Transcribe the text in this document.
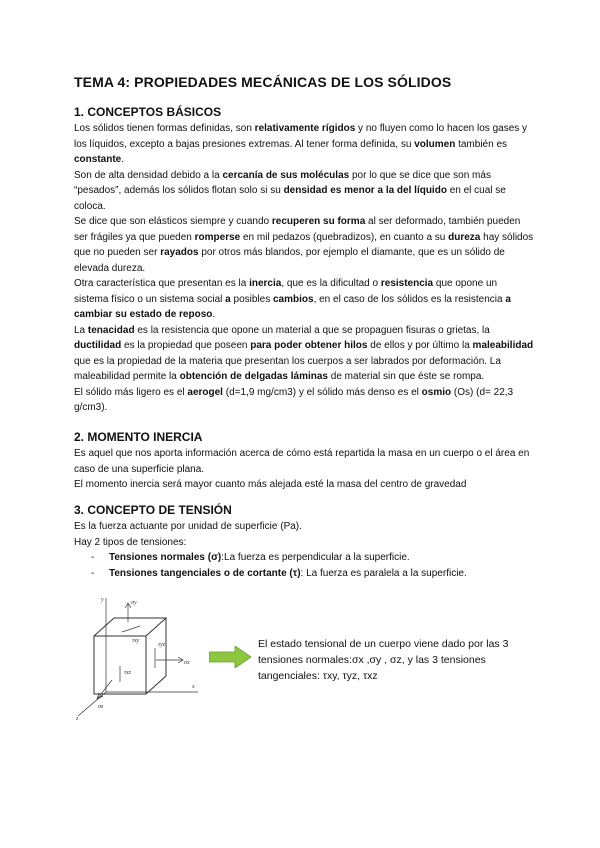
TEMA 4: PROPIEDADES MECÁNICAS DE LOS SÓLIDOS
1. CONCEPTOS BÁSICOS

Los sólidos tienen formas definidas, son relativamente rígidos y no fluyen como lo hacen los gases y los líquidos, excepto a bajas presiones extremas. Al tener forma definida, su volumen también es constante.

Son de alta densidad debido a la cercanía de sus moléculas por lo que se dice que son más “pesados”, además los sólidos flotan solo si su densidad es menor a la del líquido en el cual se coloca.

Se dice que son elásticos siempre y cuando recuperen su forma al ser deformado, también pueden ser frágiles ya que pueden romperse en mil pedazos (quebradizos), en cuanto a su dureza hay sólidos que no pueden ser rayados por otros más blandos, por ejemplo el diamante, que es un sólido de elevada dureza.

Otra característica que presentan es la inercia, que es la dificultad o resistencia que opone un sistema físico o un sistema social a posibles cambios, en el caso de los sólidos es la resistencia a cambiar su estado de reposo.

La tenacidad es la resistencia que opone un material a que se propaguen fisuras o grietas, la ductilidad es la propiedad que poseen para poder obtener hilos de ellos y por último la maleabilidad que es la propiedad de la materia que presentan los cuerpos a ser labrados por deformación. La maleabilidad permite la obtención de delgadas láminas de material sin que éste se rompa.

El sólido más ligero es el aerogel (d=1,9 mg/cm3) y el sólido más denso es el osmio (Os) (d= 22,3 g/cm3).

2. MOMENTO INERCIA

Es aquel que nos aporta información acerca de cómo está repartida la masa en un cuerpo o el área en caso de una superficie plana.

El momento inercia será mayor cuanto más alejada esté la masa del centro de gravedad

3. CONCEPTO DE TENSIÓN

Es la fuerza actuante por unidad de superficie (Pa).

Hay 2 tipos de tensiones:

- Tensiones normales (σ):La fuerza es perpendicular a la superficie.
- Tensiones tangenciales o de cortante (τ): La fuerza es paralela a la superficie.
y
x
z
σy
σx
σz
τxy
τxz
τyz	El estado tensional de un cuerpo viene dado por las 3 tensiones normales:σx ,σy , σz, y las 3 tensiones tangenciales: τxy, τyz, τxz
